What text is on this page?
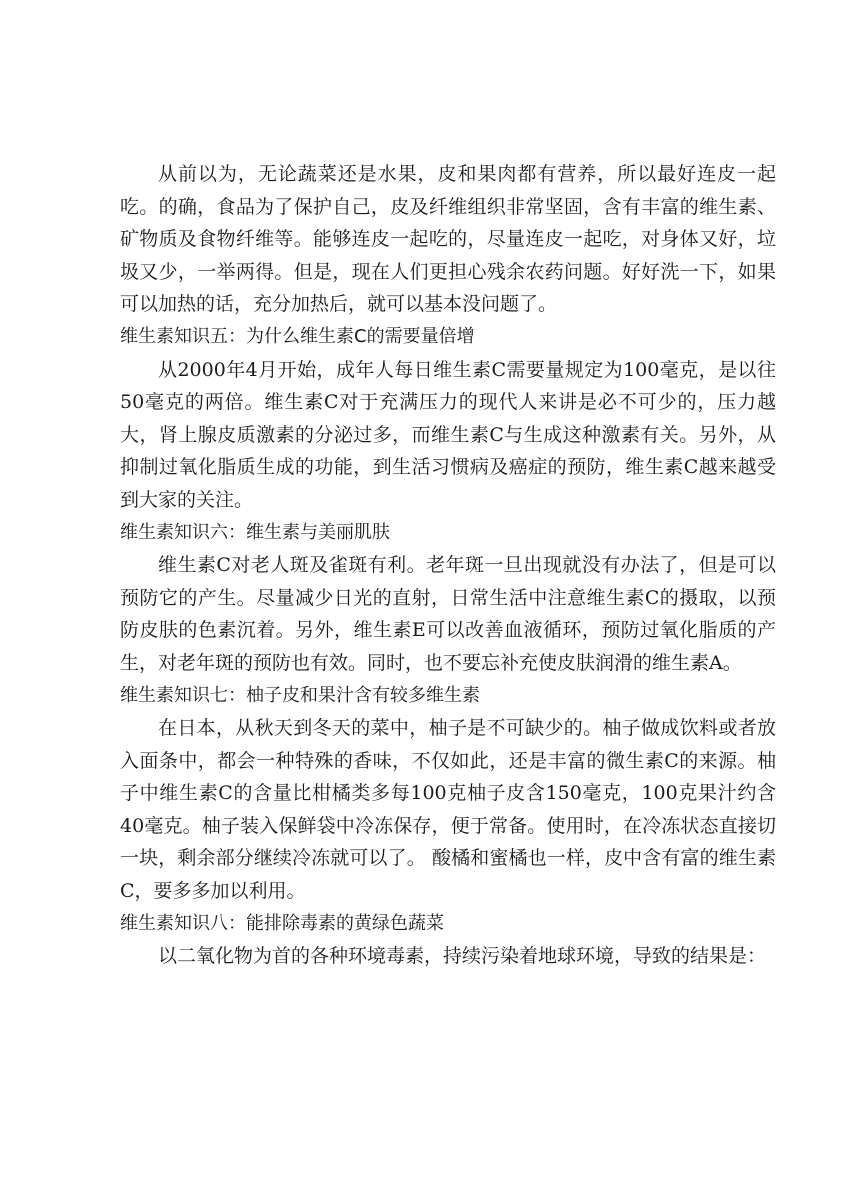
从前以为，无论蔬菜还是水果，皮和果肉都有营养，所以最好连皮一起吃。的确，食品为了保护自己，皮及纤维组织非常坚固，含有丰富的维生素、矿物质及食物纤维等。能够连皮一起吃的，尽量连皮一起吃，对身体又好，垃圾又少，一举两得。但是，现在人们更担心残余农药问题。好好洗一下，如果可以加热的话，充分加热后，就可以基本没问题了。

维生素知识五：为什么维生素C的需要量倍增

从2000年4月开始，成年人每日维生素C需要量规定为100毫克，是以往50毫克的两倍。维生素C对于充满压力的现代人来讲是必不可少的，压力越大，肾上腺皮质激素的分泌过多，而维生素C与生成这种激素有关。另外，从抑制过氧化脂质生成的功能，到生活习惯病及癌症的预防，维生素C越来越受到大家的关注。

维生素知识六：维生素与美丽肌肤

维生素C对老人斑及雀斑有利。老年斑一旦出现就没有办法了，但是可以预防它的产生。尽量减少日光的直射，日常生活中注意维生素C的摄取，以预防皮肤的色素沉着。另外，维生素E可以改善血液循环，预防过氧化脂质的产生，对老年斑的预防也有效。同时，也不要忘补充使皮肤润滑的维生素A。

维生素知识七：柚子皮和果汁含有较多维生素

在日本，从秋天到冬天的菜中，柚子是不可缺少的。柚子做成饮料或者放入面条中，都会一种特殊的香味，不仅如此，还是丰富的微生素C的来源。柚子中维生素C的含量比柑橘类多每100克柚子皮含150毫克，100克果汁约含40毫克。柚子装入保鲜袋中冷冻保存，便于常备。使用时，在冷冻状态直接切一块，剩余部分继续冷冻就可以了。 酸橘和蜜橘也一样，皮中含有富的维生素C，要多多加以利用。

维生素知识八：能排除毒素的黄绿色蔬菜

以二氧化物为首的各种环境毒素，持续污染着地球环境，导致的结果是：
